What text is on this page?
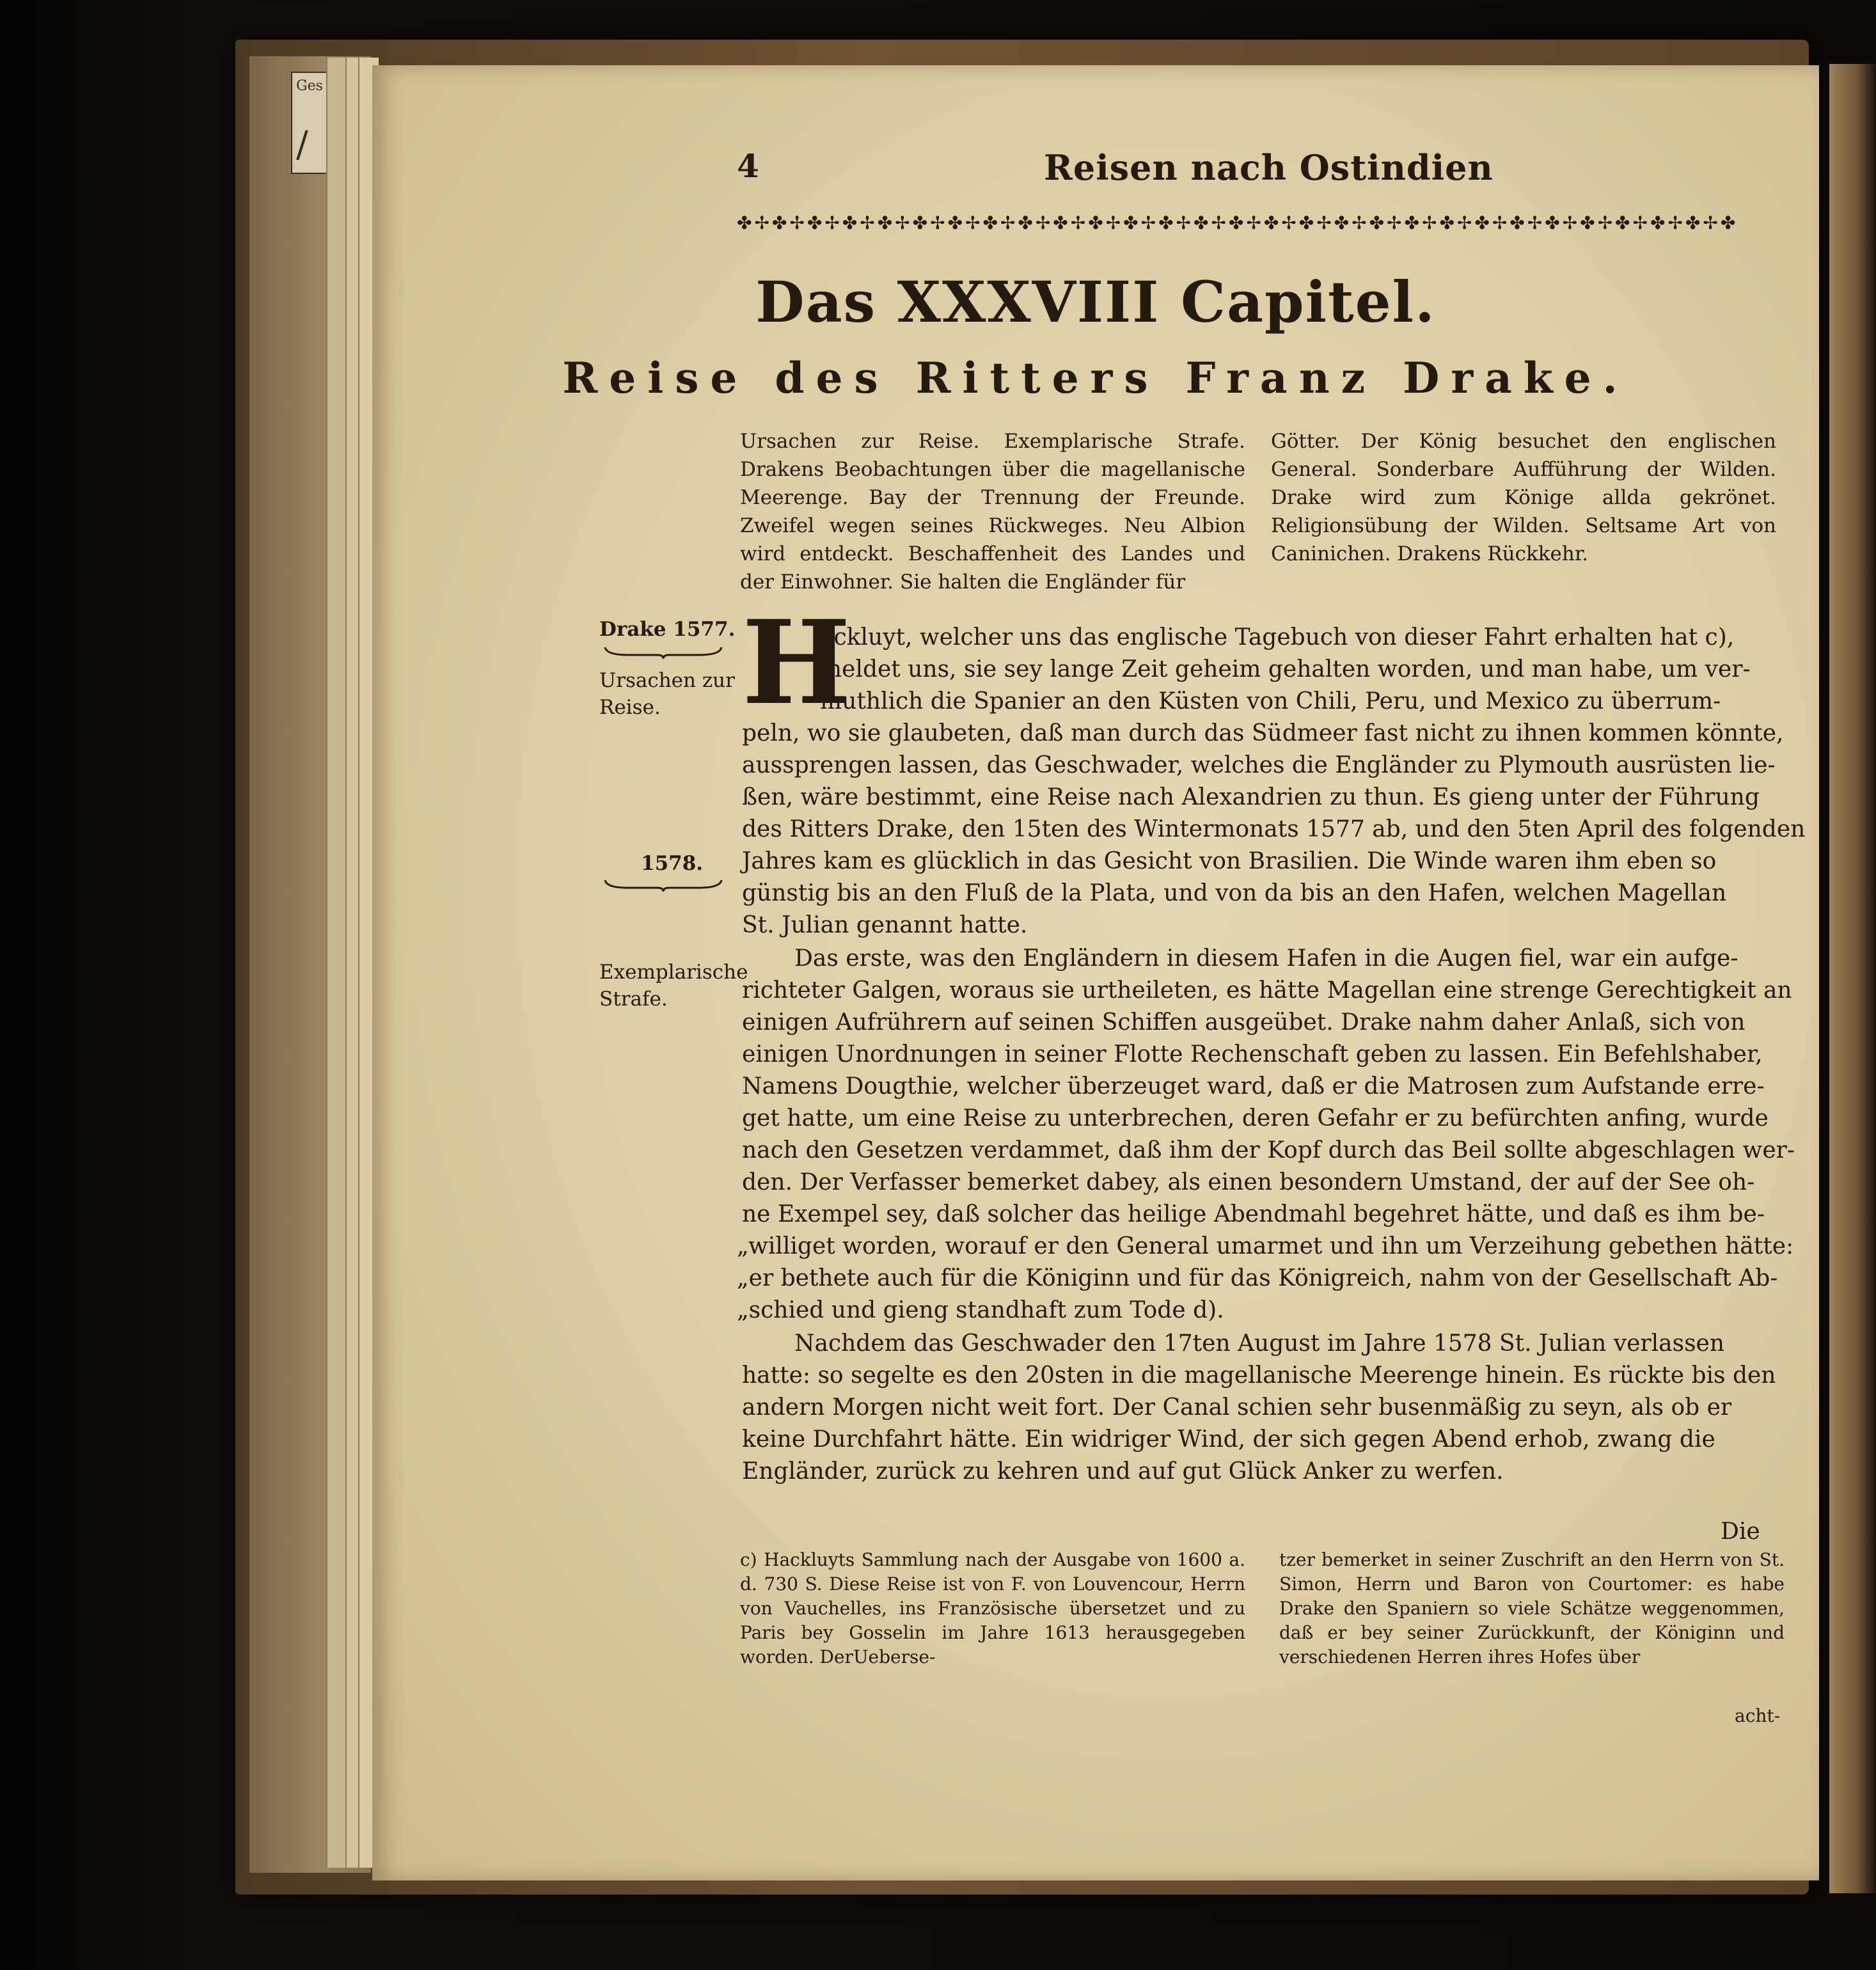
Ges
/
4	Reisen nach Ostindien
✤✢✤✢✤✢✤✢✤✢✤✢✤✢✤✢✤✢✤✢✤✢✤✢✤✢✤✢✤✢✤✢✤✢✤✢✤✢✤✢✤✢✤✢✤✢✤✢✤✢✤✢✤✢✤✢✤
Das XXXVIII Capitel.
Reise des Ritters Franz Drake.
Ursachen zur Reise. Exemplarische Strafe. Drakens Beobachtungen über die magellanische Meerenge. Bay der Trennung der Freunde. Zweifel wegen seines Rückweges. Neu Albion wird entdeckt. Beschaffenheit des Landes und der Einwohner. Sie halten die Engländer für
Götter. Der König besuchet den englischen General. Sonderbare Aufführung der Wilden. Drake wird zum Könige allda gekrönet. Religionsübung der Wilden. Seltsame Art von Caninichen. Drakens Rückkehr.
Drake 1577.
Ursachen zur
Reise.
1578.
Exemplarische
Strafe.
H
ackluyt, welcher uns das englische Tagebuch von dieser Fahrt erhalten hat c),
meldet uns, sie sey lange Zeit geheim gehalten worden, und man habe, um ver-
muthlich die Spanier an den Küsten von Chili, Peru, und Mexico zu überrum-
peln, wo sie glaubeten, daß man durch das Südmeer fast nicht zu ihnen kommen könnte,
aussprengen lassen, das Geschwader, welches die Engländer zu Plymouth ausrüsten lie-
ßen, wäre bestimmt, eine Reise nach Alexandrien zu thun. Es gieng unter der Führung
des Ritters Drake, den 15ten des Wintermonats 1577 ab, und den 5ten April des folgenden
Jahres kam es glücklich in das Gesicht von Brasilien. Die Winde waren ihm eben so
günstig bis an den Fluß de la Plata, und von da bis an den Hafen, welchen Magellan
St. Julian genannt hatte.
Das erste, was den Engländern in diesem Hafen in die Augen fiel, war ein aufge-
richteter Galgen, woraus sie urtheileten, es hätte Magellan eine strenge Gerechtigkeit an
einigen Aufrührern auf seinen Schiffen ausgeübet. Drake nahm daher Anlaß, sich von
einigen Unordnungen in seiner Flotte Rechenschaft geben zu lassen. Ein Befehlshaber,
Namens Dougthie, welcher überzeuget ward, daß er die Matrosen zum Aufstande erre-
get hatte, um eine Reise zu unterbrechen, deren Gefahr er zu befürchten anfing, wurde
nach den Gesetzen verdammet, daß ihm der Kopf durch das Beil sollte abgeschlagen wer-
den. Der Verfasser bemerket dabey, als einen besondern Umstand, der auf der See oh-
ne Exempel sey, daß solcher das heilige Abendmahl begehret hätte, und daß es ihm be-
„williget worden, worauf er den General umarmet und ihn um Verzeihung gebethen hätte:
„er bethete auch für die Königinn und für das Königreich, nahm von der Gesellschaft Ab-
„schied und gieng standhaft zum Tode d).
Nachdem das Geschwader den 17ten August im Jahre 1578 St. Julian verlassen
hatte: so segelte es den 20sten in die magellanische Meerenge hinein. Es rückte bis den
andern Morgen nicht weit fort. Der Canal schien sehr busenmäßig zu seyn, als ob er
keine Durchfahrt hätte. Ein widriger Wind, der sich gegen Abend erhob, zwang die
Engländer, zurück zu kehren und auf gut Glück Anker zu werfen.
Die
c) Hackluyts Sammlung nach der Ausgabe von 1600 a. d. 730 S. Diese Reise ist von F. von Louvencour, Herrn von Vauchelles, ins Französische übersetzet und zu Paris bey Gosselin im Jahre 1613 herausgegeben worden. DerUeberse-
tzer bemerket in seiner Zuschrift an den Herrn von St. Simon, Herrn und Baron von Courtomer: es habe Drake den Spaniern so viele Schätze weggenommen, daß er bey seiner Zurückkunft, der Königinn und verschiedenen Herren ihres Hofes über
acht-
